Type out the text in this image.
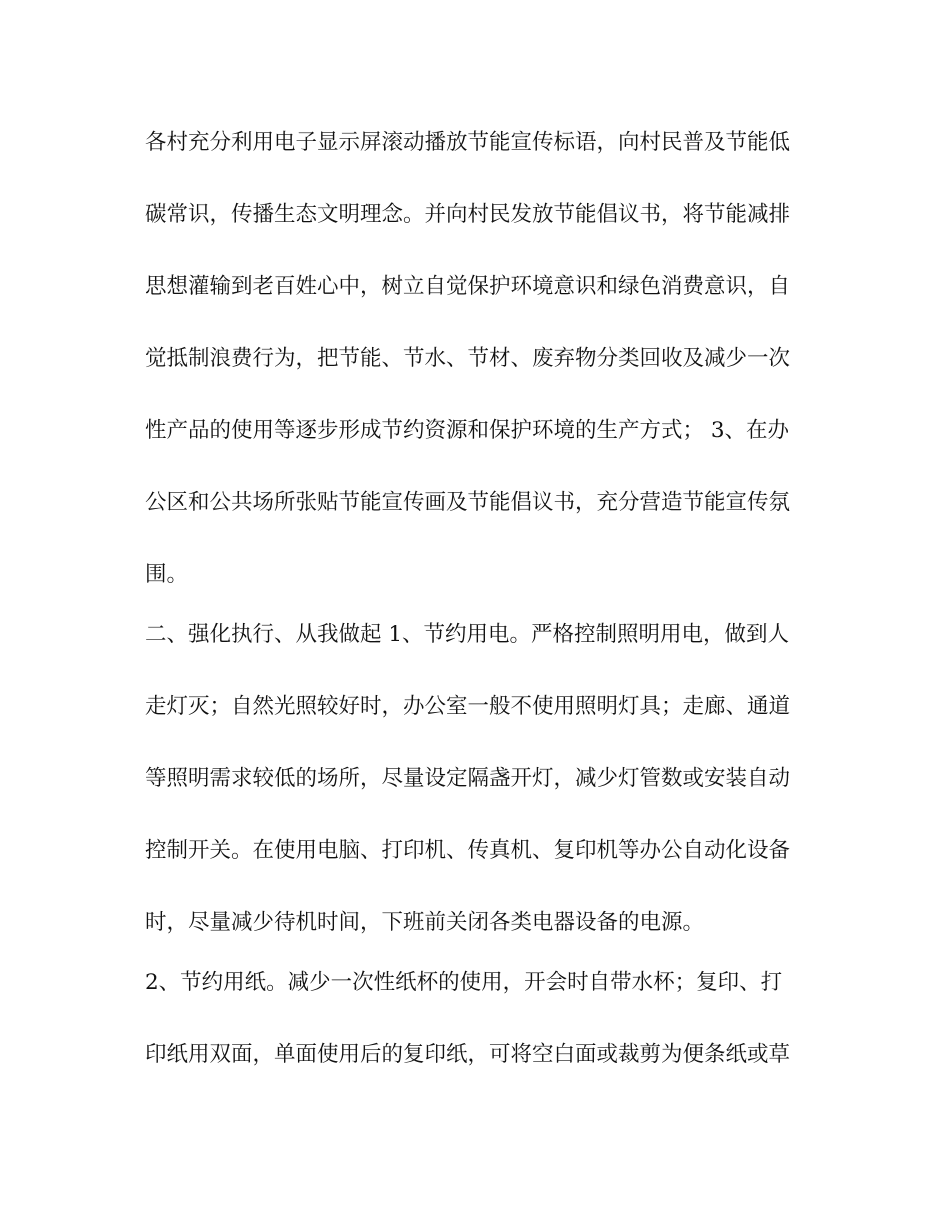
各村充分利用电子显示屏滚动播放节能宣传标语，向村民普及节能低
碳常识，传播生态文明理念。并向村民发放节能倡议书，将节能减排
思想灌输到老百姓心中，树立自觉保护环境意识和绿色消费意识，自
觉抵制浪费行为，把节能、节水、节材、废弃物分类回收及减少一次
性产品的使用等逐步形成节约资源和保护环境的生产方式； 3、在办
公区和公共场所张贴节能宣传画及节能倡议书，充分营造节能宣传氛
围。
二、强化执行、从我做起 1、节约用电。严格控制照明用电，做到人
走灯灭；自然光照较好时，办公室一般不使用照明灯具；走廊、通道
等照明需求较低的场所，尽量设定隔盏开灯，减少灯管数或安装自动
控制开关。在使用电脑、打印机、传真机、复印机等办公自动化设备
时，尽量减少待机时间，下班前关闭各类电器设备的电源。
2、节约用纸。减少一次性纸杯的使用，开会时自带水杯；复印、打
印纸用双面，单面使用后的复印纸，可将空白面或裁剪为便条纸或草
